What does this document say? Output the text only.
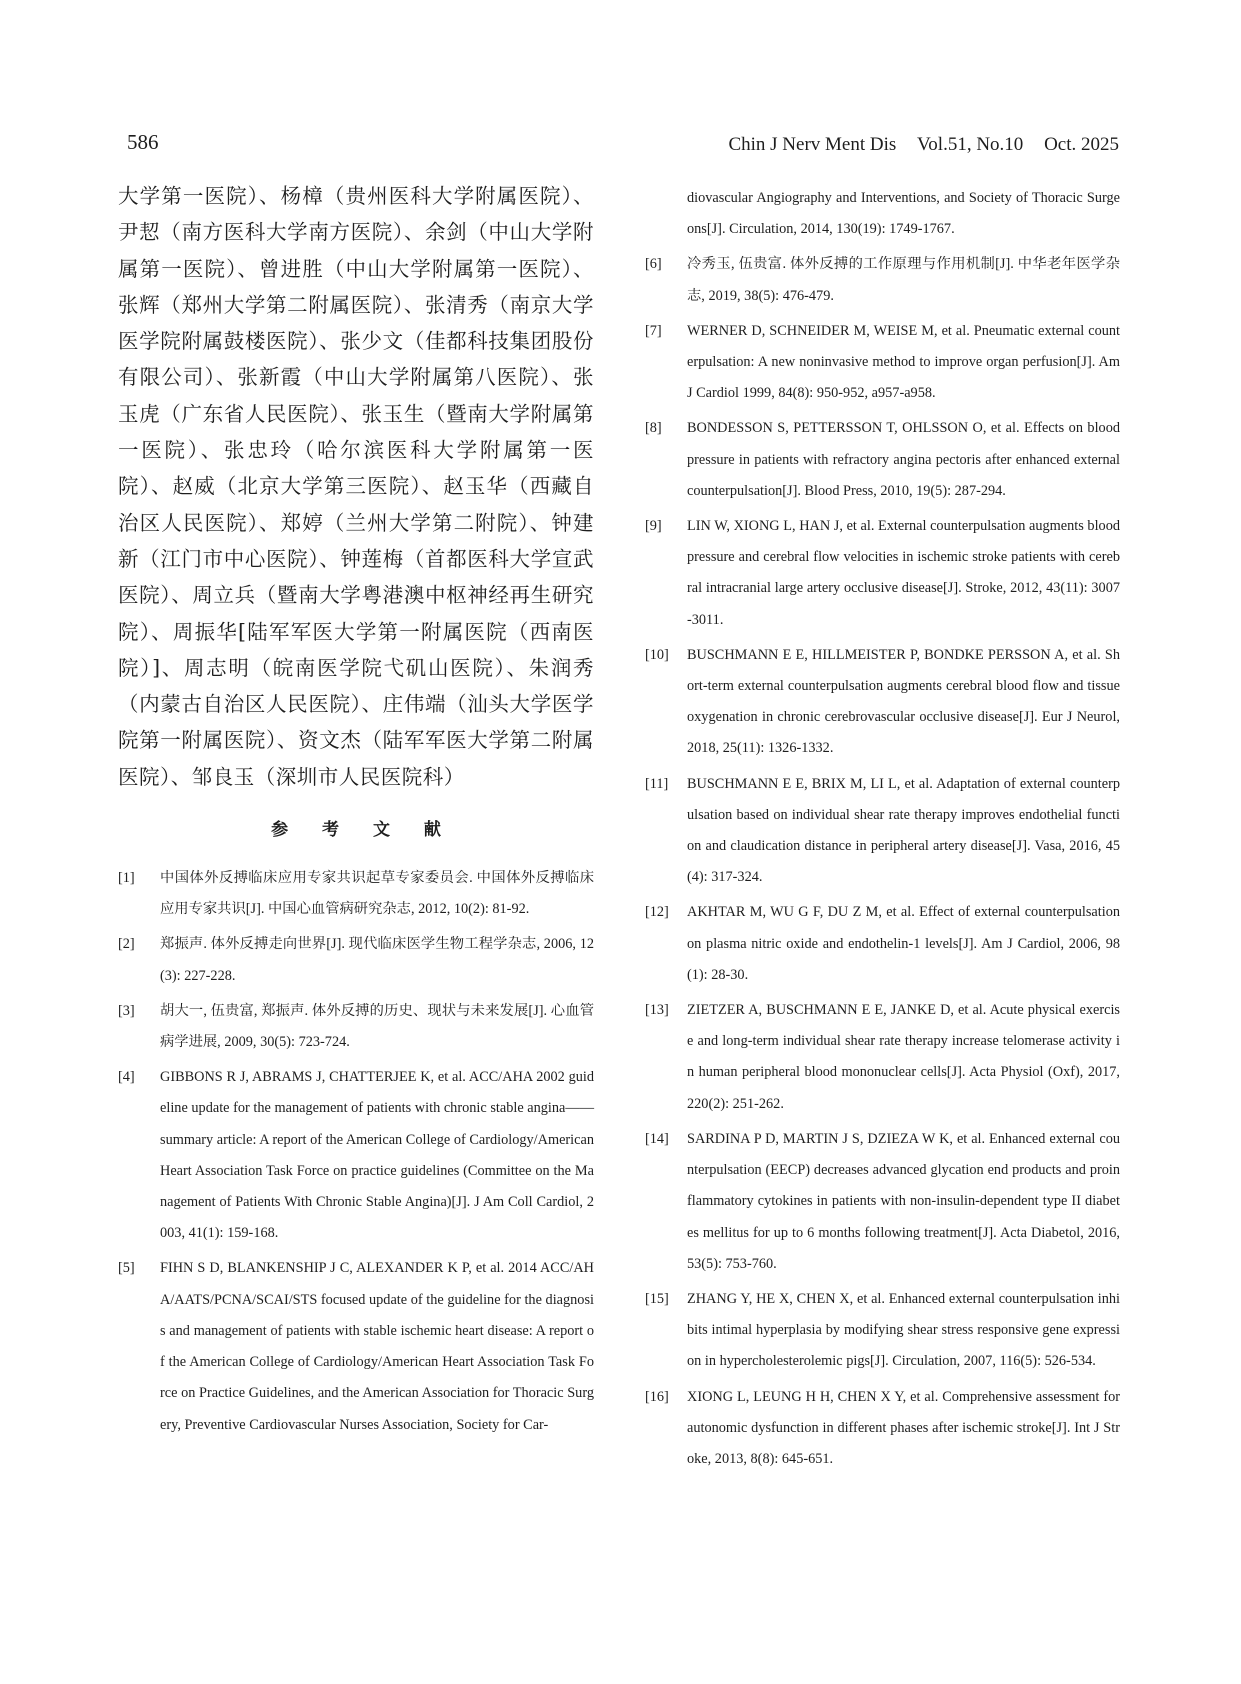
586	Chin J Nerv Ment Dis Vol.51, No.10 Oct. 2025
大学第一医院）、杨樟（贵州医科大学附属医院）、尹恝（南方医科大学南方医院）、余剑（中山大学附属第一医院）、曾进胜（中山大学附属第一医院）、张辉（郑州大学第二附属医院）、张清秀（南京大学医学院附属鼓楼医院）、张少文（佳都科技集团股份有限公司）、张新霞（中山大学附属第八医院）、张玉虎（广东省人民医院）、张玉生（暨南大学附属第一医院）、张忠玲（哈尔滨医科大学附属第一医院）、赵威（北京大学第三医院）、赵玉华（西藏自治区人民医院）、郑婷（兰州大学第二附院）、钟建新（江门市中心医院）、钟莲梅（首都医科大学宣武医院）、周立兵（暨南大学粤港澳中枢神经再生研究院）、周振华[陆军军医大学第一附属医院（西南医院）]、周志明（皖南医学院弋矶山医院）、朱润秀（内蒙古自治区人民医院）、庄伟端（汕头大学医学院第一附属医院）、资文杰（陆军军医大学第二附属医院）、邹良玉（深圳市人民医院科）
参 考 文 献
[1]	中国体外反搏临床应用专家共识起草专家委员会. 中国体外反搏临床应用专家共识[J]. 中国心血管病研究杂志, 2012, 10(2): 81-92.
[2]	郑振声. 体外反搏走向世界[J]. 现代临床医学生物工程学杂志, 2006, 12(3): 227-228.
[3]	胡大一, 伍贵富, 郑振声. 体外反搏的历史、现状与未来发展[J]. 心血管病学进展, 2009, 30(5): 723-724.
[4]	GIBBONS R J, ABRAMS J, CHATTERJEE K, et al. ACC/AHA 2002 guideline update for the management of patients with chronic stable angina——summary article: A report of the American College of Cardiology/American Heart Association Task Force on practice guidelines (Committee on the Management of Patients With Chronic Stable Angina)[J]. J Am Coll Cardiol, 2003, 41(1): 159-168.
[5]	FIHN S D, BLANKENSHIP J C, ALEXANDER K P, et al. 2014 ACC/AHA/AATS/PCNA/SCAI/STS focused update of the guideline for the diagnosis and management of patients with stable ischemic heart disease: A report of the American College of Cardiology/American Heart Association Task Force on Practice Guidelines, and the American Association for Thoracic Surgery, Preventive Cardiovascular Nurses Association, Society for Car-
diovascular Angiography and Interventions, and Society of Thoracic Surgeons[J]. Circulation, 2014, 130(19): 1749-1767.
[6]	冷秀玉, 伍贵富. 体外反搏的工作原理与作用机制[J]. 中华老年医学杂志, 2019, 38(5): 476-479.
[7]	WERNER D, SCHNEIDER M, WEISE M, et al. Pneumatic external counterpulsation: A new noninvasive method to improve organ perfusion[J]. Am J Cardiol 1999, 84(8): 950-952, a957-a958.
[8]	BONDESSON S, PETTERSSON T, OHLSSON O, et al. Effects on blood pressure in patients with refractory angina pectoris after enhanced external counterpulsation[J]. Blood Press, 2010, 19(5): 287-294.
[9]	LIN W, XIONG L, HAN J, et al. External counterpulsation augments blood pressure and cerebral flow velocities in ischemic stroke patients with cerebral intracranial large artery occlusive disease[J]. Stroke, 2012, 43(11): 3007-3011.
[10]	BUSCHMANN E E, HILLMEISTER P, BONDKE PERSSON A, et al. Short-term external counterpulsation augments cerebral blood flow and tissue oxygenation in chronic cerebrovascular occlusive disease[J]. Eur J Neurol, 2018, 25(11): 1326-1332.
[11]	BUSCHMANN E E, BRIX M, LI L, et al. Adaptation of external counterpulsation based on individual shear rate therapy improves endothelial function and claudication distance in peripheral artery disease[J]. Vasa, 2016, 45(4): 317-324.
[12]	AKHTAR M, WU G F, DU Z M, et al. Effect of external counterpulsation on plasma nitric oxide and endothelin-1 levels[J]. Am J Cardiol, 2006, 98(1): 28-30.
[13]	ZIETZER A, BUSCHMANN E E, JANKE D, et al. Acute physical exercise and long-term individual shear rate therapy increase telomerase activity in human peripheral blood mononuclear cells[J]. Acta Physiol (Oxf), 2017, 220(2): 251-262.
[14]	SARDINA P D, MARTIN J S, DZIEZA W K, et al. Enhanced external counterpulsation (EECP) decreases advanced glycation end products and proinflammatory cytokines in patients with non-insulin-dependent type II diabetes mellitus for up to 6 months following treatment[J]. Acta Diabetol, 2016, 53(5): 753-760.
[15]	ZHANG Y, HE X, CHEN X, et al. Enhanced external counterpulsation inhibits intimal hyperplasia by modifying shear stress responsive gene expression in hypercholesterolemic pigs[J]. Circulation, 2007, 116(5): 526-534.
[16]	XIONG L, LEUNG H H, CHEN X Y, et al. Comprehensive assessment for autonomic dysfunction in different phases after ischemic stroke[J]. Int J Stroke, 2013, 8(8): 645-651.
